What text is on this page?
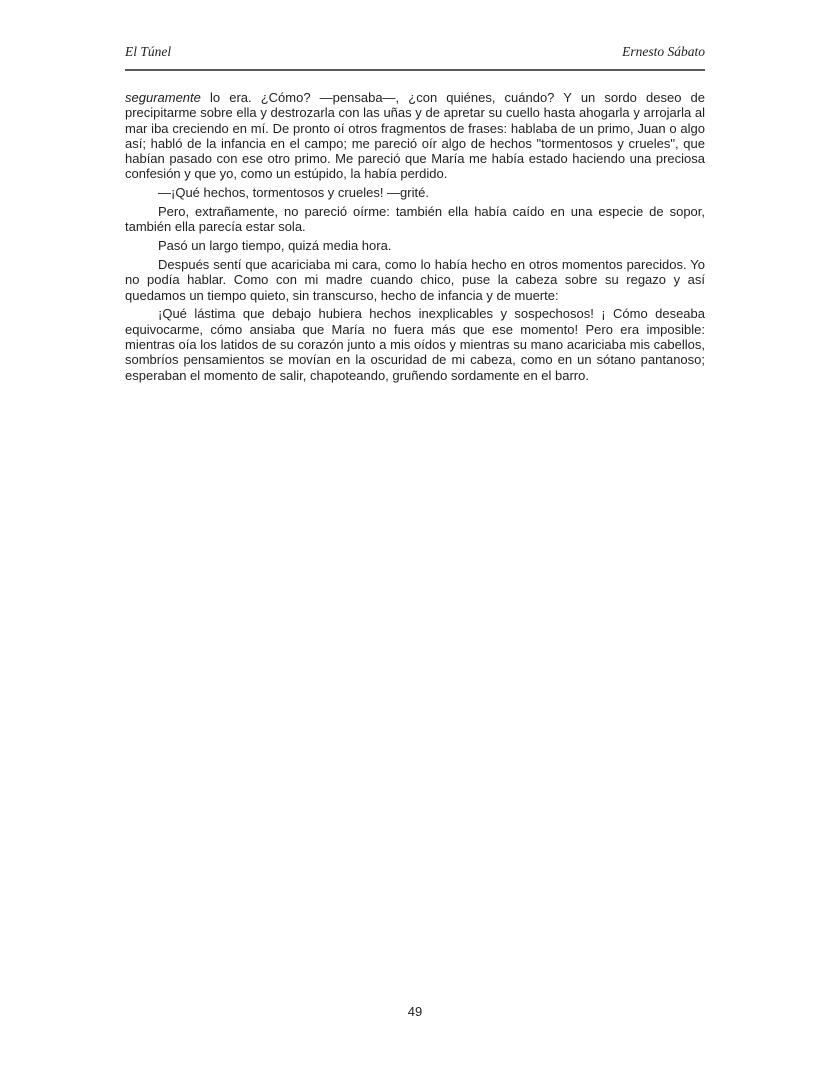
El Túnel	Ernesto Sábato

seguramente lo era. ¿Cómo? —pensaba—, ¿con quiénes, cuándo? Y un sordo deseo de precipitarme sobre ella y destrozarla con las uñas y de apretar su cuello hasta ahogarla y arrojarla al mar iba creciendo en mí. De pronto oí otros fragmentos de frases: hablaba de un primo, Juan o algo así; habló de la infancia en el campo; me pareció oír algo de hechos "tormentosos y crueles", que habían pasado con ese otro primo. Me pareció que María me había estado haciendo una preciosa confesión y que yo, como un estúpido, la había perdido.

—¡Qué hechos, tormentosos y crueles! —grité.

Pero, extrañamente, no pareció oírme: también ella había caído en una especie de sopor, también ella parecía estar sola.

Pasó un largo tiempo, quizá media hora.

Después sentí que acariciaba mi cara, como lo había hecho en otros momentos parecidos. Yo no podía hablar. Como con mi madre cuando chico, puse la cabeza sobre su regazo y así quedamos un tiempo quieto, sin transcurso, hecho de infancia y de muerte:

¡Qué lástima que debajo hubiera hechos inexplicables y sospechosos! ¡ Cómo deseaba equivocarme, cómo ansiaba que María no fuera más que ese momento! Pero era imposible: mientras oía los latidos de su corazón junto a mis oídos y mientras su mano acariciaba mis cabellos, sombríos pensamientos se movían en la oscuridad de mi cabeza, como en un sótano pantanoso; esperaban el momento de salir, chapoteando, gruñendo sordamente en el barro.

49
